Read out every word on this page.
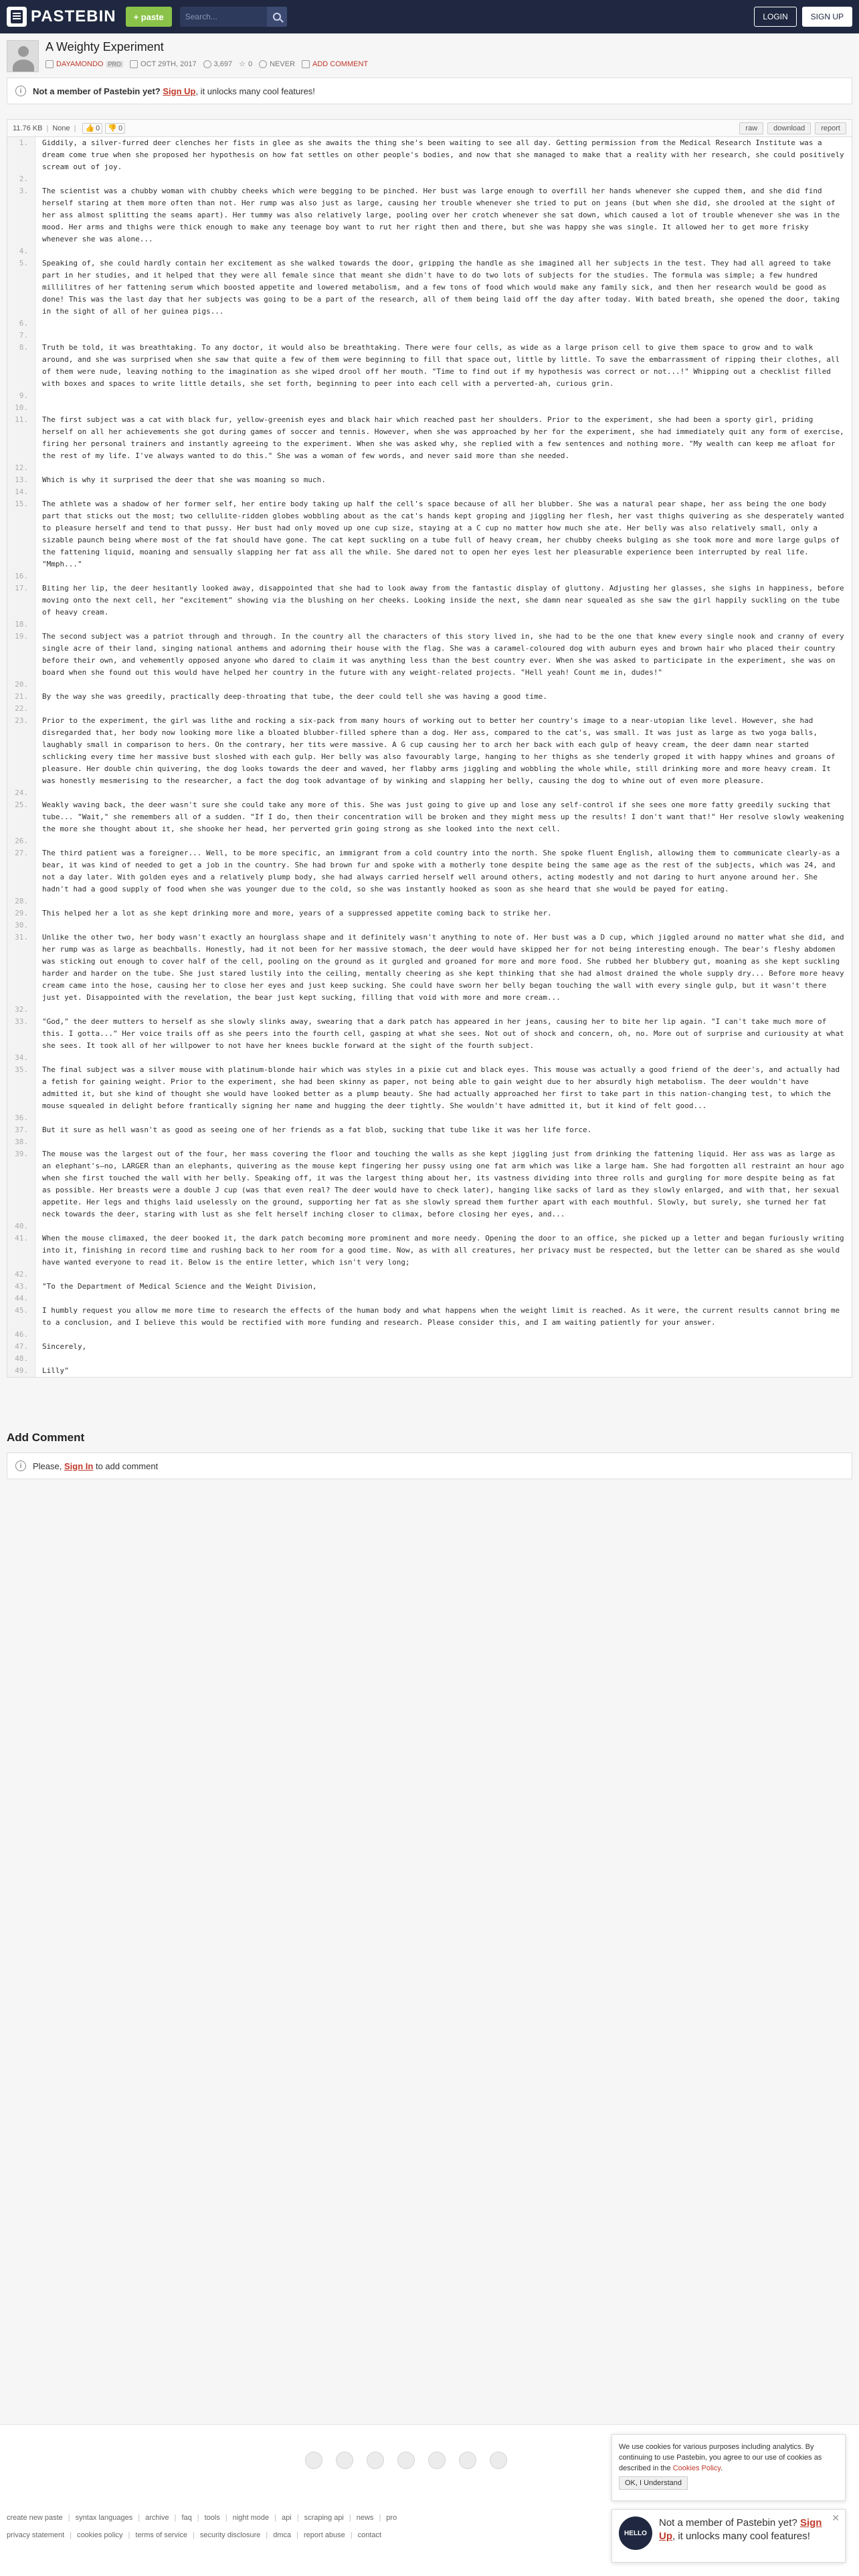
PASTEBIN	+ paste	Search...	LOGIN	SIGN UP
A Weighty Experiment
DAYAMONDO PRO	OCT 29TH, 2017 3,697 ☆ 0 NEVER ADD COMMENT
i	Not a member of Pastebin yet?
Sign Up , it unlocks many cool features!
11.76 KB | None | 👍 0 👎 0	raw	download	report
1.	Giddily, a silver-furred deer clenches her fists in glee as she awaits the thing she's been waiting to see all day. Getting permission from the Medical Research Institute was a dream come true when she proposed her hypothesis on how fat settles on other people's bodies, and now that she managed to make that a reality with her research, she could positively scream out of joy.
2.
3.	The scientist was a chubby woman with chubby cheeks which were begging to be pinched. Her bust was large enough to overfill her hands whenever she cupped them, and she did find herself staring at them more often than not. Her rump was also just as large, causing her trouble whenever she tried to put on jeans (but when she did, she drooled at the sight of her ass almost splitting the seams apart). Her tummy was also relatively large, pooling over her crotch whenever she sat down, which caused a lot of trouble whenever she was in the mood. Her arms and thighs were thick enough to make any teenage boy want to rut her right then and there, but she was happy she was single. It allowed her to get more frisky whenever she was alone...
4.
5.	Speaking of, she could hardly contain her excitement as she walked towards the door, gripping the handle as she imagined all her subjects in the test. They had all agreed to take part in her studies, and it helped that they were all female since that meant she didn't have to do two lots of subjects for the studies. The formula was simple; a few hundred millilitres of her fattening serum which boosted appetite and lowered metabolism, and a few tons of food which would make any family sick, and then her research would be good as done! This was the last day that her subjects was going to be a part of the research, all of them being laid off the day after today. With bated breath, she opened the door, taking in the sight of all of her guinea pigs...
6.
7.
8.	Truth be told, it was breathtaking. To any doctor, it would also be breathtaking. There were four cells, as wide as a large prison cell to give them space to grow and to walk around, and she was surprised when she saw that quite a few of them were beginning to fill that space out, little by little. To save the embarrassment of ripping their clothes, all of them were nude, leaving nothing to the imagination as she wiped drool off her mouth. "Time to find out if my hypothesis was correct or not...!" Whipping out a checklist filled with boxes and spaces to write little details, she set forth, beginning to peer into each cell with a perverted-ah, curious grin.
9.
10.
11.	The first subject was a cat with black fur, yellow-greenish eyes and black hair which reached past her shoulders. Prior to the experiment, she had been a sporty girl, priding herself on all her achievements she got during games of soccer and tennis. However, when she was approached by her for the experiment, she had immediately quit any form of exercise, firing her personal trainers and instantly agreeing to the experiment. When she was asked why, she replied with a few sentences and nothing more. "My wealth can keep me afloat for the rest of my life. I've always wanted to do this." She was a woman of few words, and never said more than she needed.
12.
13.	Which is why it surprised the deer that she was moaning so much.
14.
15.	The athlete was a shadow of her former self, her entire body taking up half the cell's space because of all her blubber. She was a natural pear shape, her ass being the one body part that sticks out the most; two cellulite-ridden globes wobbling about as the cat's hands kept groping and jiggling her flesh, her vast thighs quivering as she desperately wanted to pleasure herself and tend to that pussy. Her bust had only moved up one cup size, staying at a C cup no matter how much she ate. Her belly was also relatively small, only a sizable paunch being where most of the fat should have gone. The cat kept suckling on a tube full of heavy cream, her chubby cheeks bulging as she took more and more large gulps of the fattening liquid, moaning and sensually slapping her fat ass all the while. She dared not to open her eyes lest her pleasurable experience been interrupted by real life. "Mmph..."
16.
17.	Biting her lip, the deer hesitantly looked away, disappointed that she had to look away from the fantastic display of gluttony. Adjusting her glasses, she sighs in happiness, before moving onto the next cell, her "excitement" showing via the blushing on her cheeks. Looking inside the next, she damn near squealed as she saw the girl happily suckling on the tube of heavy cream.
18.
19.	The second subject was a patriot through and through. In the country all the characters of this story lived in, she had to be the one that knew every single nook and cranny of every single acre of their land, singing national anthems and adorning their house with the flag. She was a caramel-coloured dog with auburn eyes and brown hair who placed their country before their own, and vehemently opposed anyone who dared to claim it was anything less than the best country ever. When she was asked to participate in the experiment, she was on board when she found out this would have helped her country in the future with any weight-related projects. "Hell yeah! Count me in, dudes!"
20.
21.	By the way she was greedily, practically deep-throating that tube, the deer could tell she was having a good time.
22.
23.	Prior to the experiment, the girl was lithe and rocking a six-pack from many hours of working out to better her country's image to a near-utopian like level. However, she had disregarded that, her body now looking more like a bloated blubber-filled sphere than a dog. Her ass, compared to the cat's, was small. It was just as large as two yoga balls, laughably small in comparison to hers. On the contrary, her tits were massive. A G cup causing her to arch her back with each gulp of heavy cream, the deer damn near started schlicking every time her massive bust sloshed with each gulp. Her belly was also favourably large, hanging to her thighs as she tenderly groped it with happy whines and groans of pleasure. Her double chin quivering, the dog looks towards the deer and waved, her flabby arms jiggling and wobbling the whole while, still drinking more and more heavy cream. It was honestly mesmerising to the researcher, a fact the dog took advantage of by winking and slapping her belly, causing the dog to whine out of even more pleasure.
24.
25.	Weakly waving back, the deer wasn't sure she could take any more of this. She was just going to give up and lose any self-control if she sees one more fatty greedily sucking that tube... "Wait," she remembers all of a sudden. "If I do, then their concentration will be broken and they might mess up the results! I don't want that!" Her resolve slowly weakening the more she thought about it, she shooke her head, her perverted grin going strong as she looked into the next cell.
26.
27.	The third patient was a foreigner... Well, to be more specific, an immigrant from a cold country into the north. She spoke fluent English, allowing them to communicate clearly-as a bear, it was kind of needed to get a job in the country. She had brown fur and spoke with a motherly tone despite being the same age as the rest of the subjects, which was 24, and not a day later. With golden eyes and a relatively plump body, she had always carried herself well around others, acting modestly and not daring to hurt anyone around her. She hadn't had a good supply of food when she was younger due to the cold, so she was instantly hooked as soon as she heard that she would be payed for eating.
28.
29.	This helped her a lot as she kept drinking more and more, years of a suppressed appetite coming back to strike her.
30.
31.	Unlike the other two, her body wasn't exactly an hourglass shape and it definitely wasn't anything to note of. Her bust was a D cup, which jiggled around no matter what she did, and her rump was as large as beachballs. Honestly, had it not been for her massive stomach, the deer would have skipped her for not being interesting enough. The bear's fleshy abdomen was sticking out enough to cover half of the cell, pooling on the ground as it gurgled and groaned for more and more food. She rubbed her blubbery gut, moaning as she kept suckling harder and harder on the tube. She just stared lustily into the ceiling, mentally cheering as she kept thinking that she had almost drained the whole supply dry... Before more heavy cream came into the hose, causing her to close her eyes and just keep sucking. She could have sworn her belly began touching the wall with every single gulp, but it wasn't there just yet. Disappointed with the revelation, the bear just kept sucking, filling that void with more and more cream...
32.
33.	"God," the deer mutters to herself as she slowly slinks away, swearing that a dark patch has appeared in her jeans, causing her to bite her lip again. "I can't take much more of this. I gotta..." Her voice trails off as she peers into the fourth cell, gasping at what she sees. Not out of shock and concern, oh, no. More out of surprise and curiousity at what she sees. It took all of her willpower to not have her knees buckle forward at the sight of the fourth subject.
34.
35.	The final subject was a silver mouse with platinum-blonde hair which was styles in a pixie cut and black eyes. This mouse was actually a good friend of the deer's, and actually had a fetish for gaining weight. Prior to the experiment, she had been skinny as paper, not being able to gain weight due to her absurdly high metabolism. The deer wouldn't have admitted it, but she kind of thought she would have looked better as a plump beauty. She had actually approached her first to take part in this nation-changing test, to which the mouse squealed in delight before frantically signing her name and hugging the deer tightly. She wouldn't have admitted it, but it kind of felt good...
36.
37.	But it sure as hell wasn't as good as seeing one of her friends as a fat blob, sucking that tube like it was her life force.
38.
39.	The mouse was the largest out of the four, her mass covering the floor and touching the walls as she kept jiggling just from drinking the fattening liquid. Her ass was as large as an elephant's—no, LARGER than an elephants, quivering as the mouse kept fingering her pussy using one fat arm which was like a large ham. She had forgotten all restraint an hour ago when she first touched the wall with her belly. Speaking off, it was the largest thing about her, its vastness dividing into three rolls and gurgling for more despite being as fat as possible. Her breasts were a double J cup (was that even real? The deer would have to check later), hanging like sacks of lard as they slowly enlarged, and with that, her sexual appetite. Her legs and thighs laid uselessly on the ground, supporting her fat as she slowly spread them further apart with each mouthful. Slowly, but surely, she turned her fat neck towards the deer, staring with lust as she felt herself inching closer to climax, before closing her eyes, and...
40.
41.	When the mouse climaxed, the deer booked it, the dark patch becoming more prominent and more needy. Opening the door to an office, she picked up a letter and began furiously writing into it, finishing in record time and rushing back to her room for a good time. Now, as with all creatures, her privacy must be respected, but the letter can be shared as she would have wanted everyone to read it. Below is the entire letter, which isn't very long;
42.
43.	"To the Department of Medical Science and the Weight Division,
44.
45.	I humbly request you allow me more time to research the effects of the human body and what happens when the weight limit is reached. As it were, the current results cannot bring me to a conclusion, and I believe this would be rectified with more funding and research. Please consider this, and I am waiting patiently for your answer.
46.
47.	Sincerely,
48.
49.	Lilly"
Add Comment
i	Please,
Sign In
to add comment
create new paste | syntax languages | archive | faq | tools | night mode | api | scraping api | news | pro
privacy statement | cookies policy | terms of service | security disclosure | dmca | report abuse | contact
We use cookies for various purposes including analytics. By continuing to use Pastebin, you agree to our use of cookies as described in the Cookies Policy.
OK, I Understand
HELLO
Not a member of Pastebin yet? Sign Up, it unlocks many cool features!
✕
